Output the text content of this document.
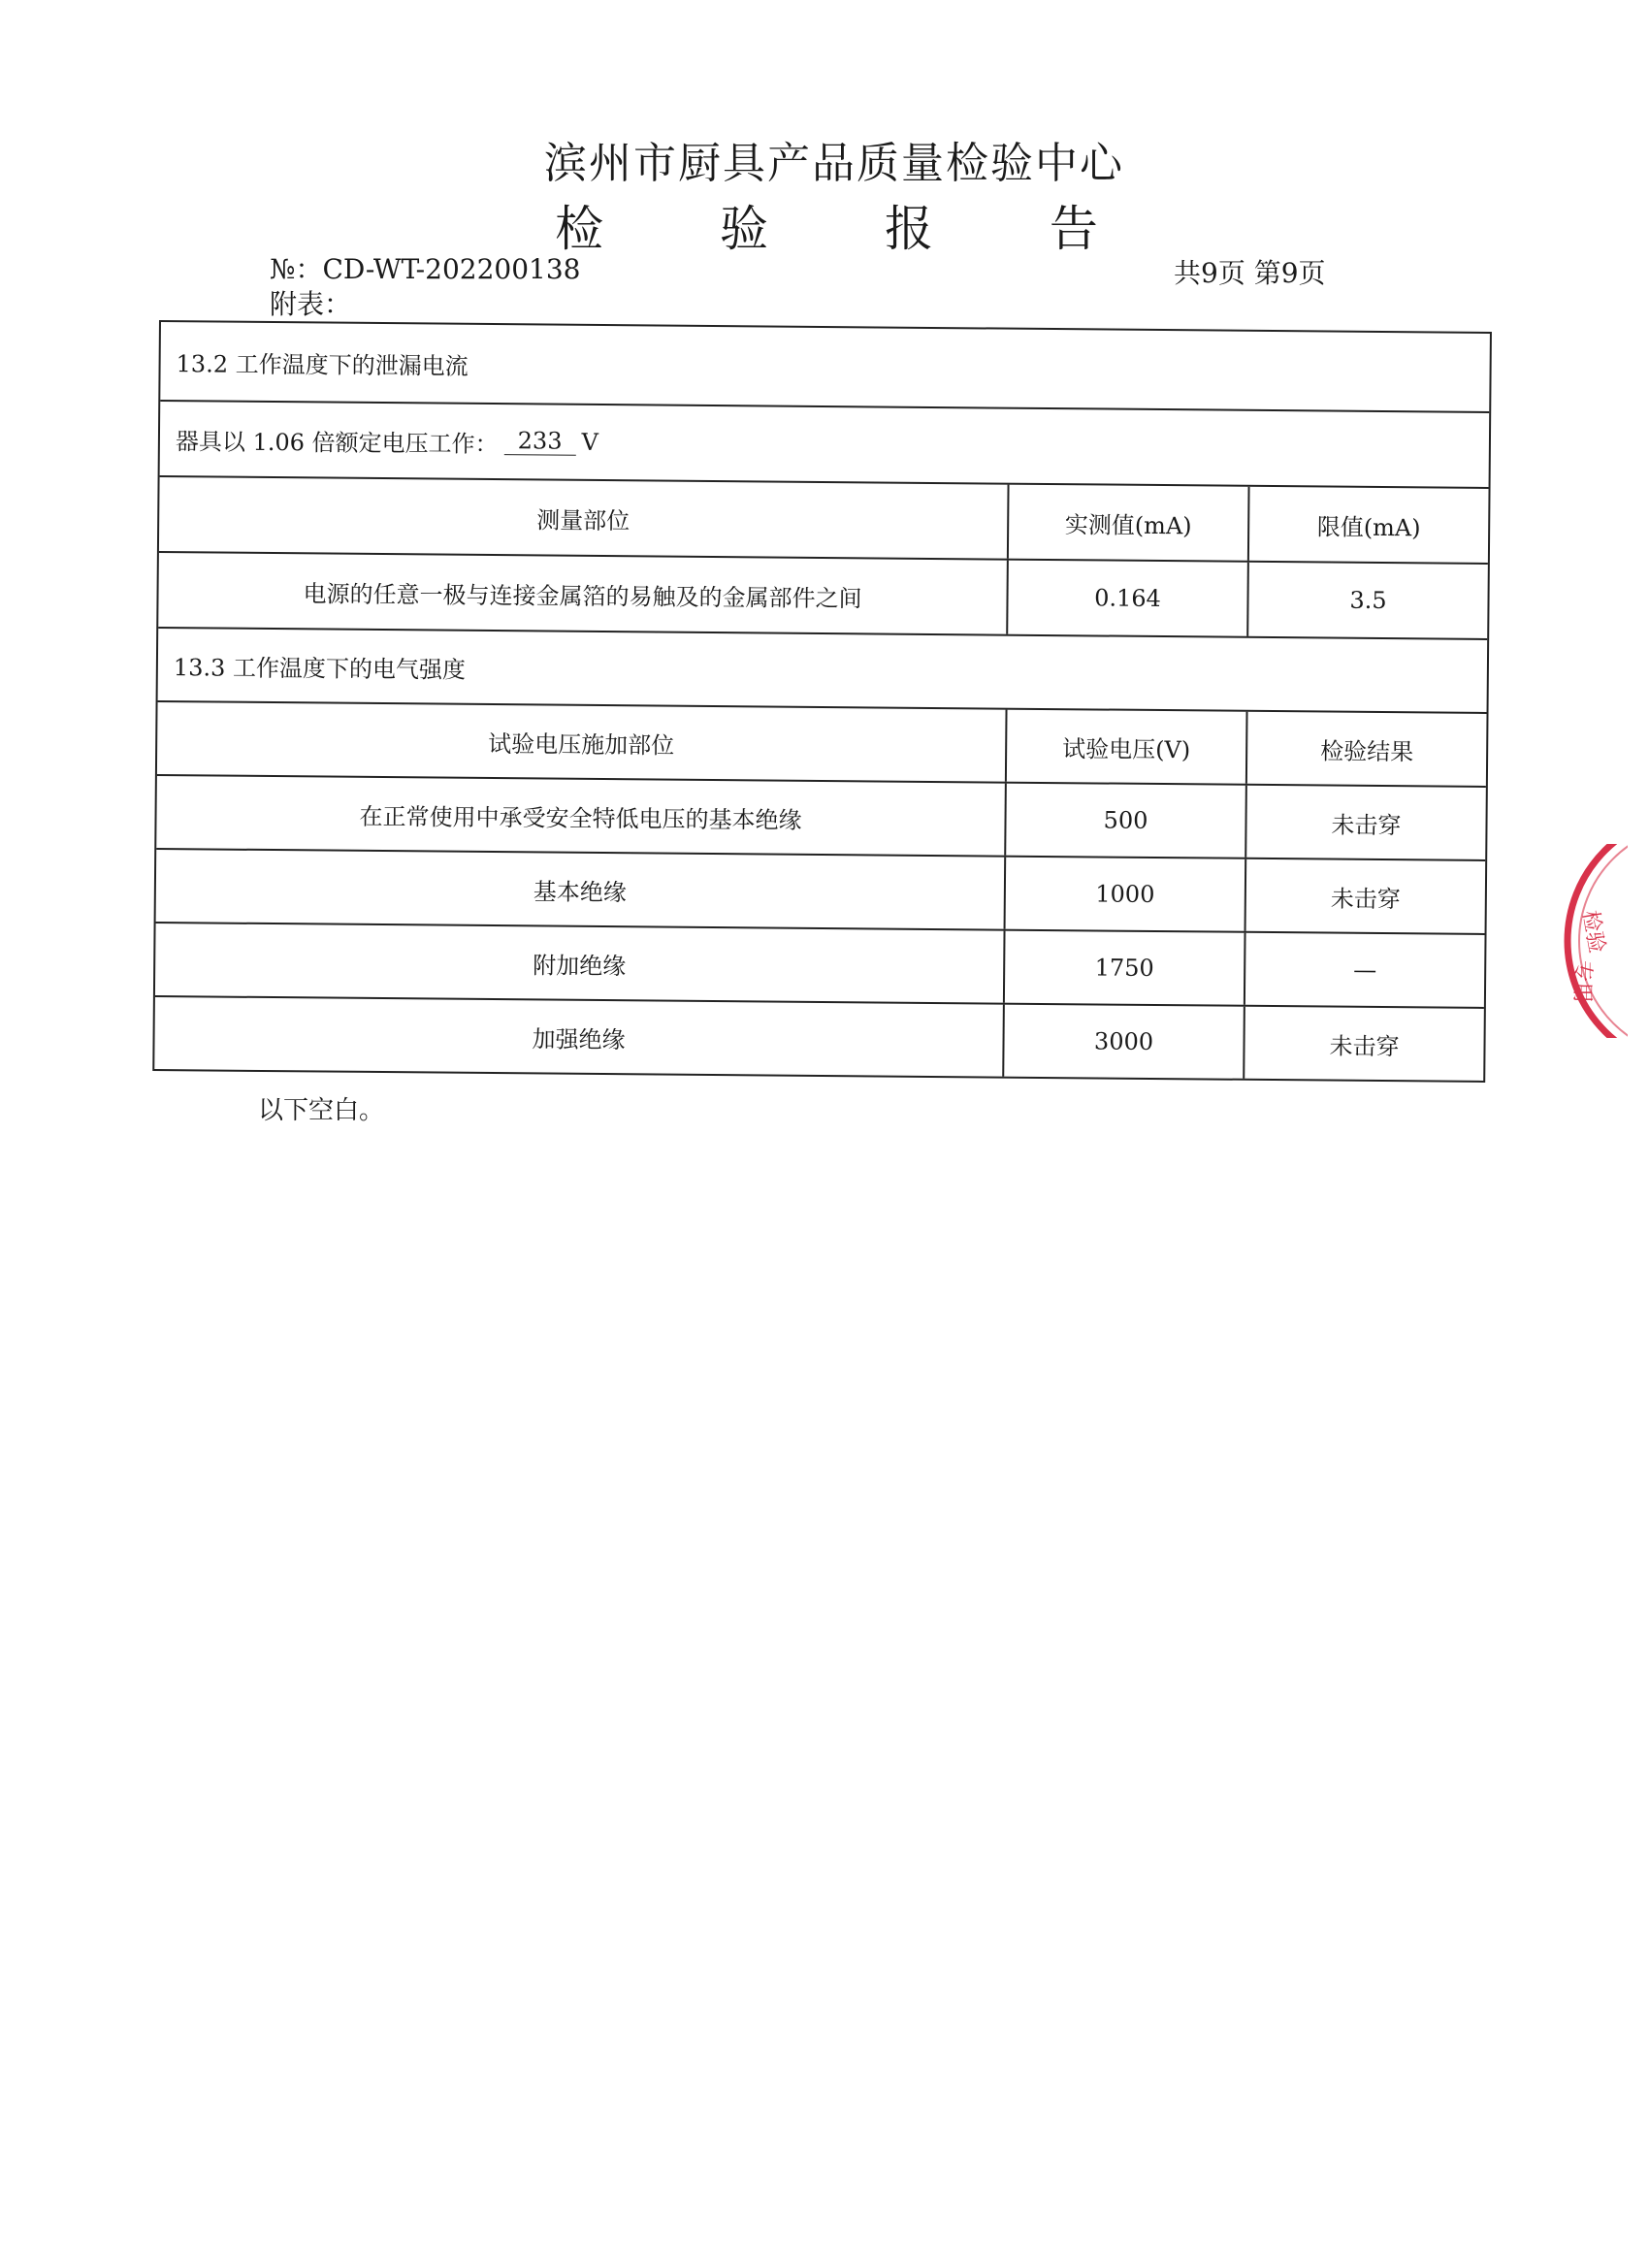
滨州市厨具产品质量检验中心
检 验 报 告
№：CD-WT-202200138	共9页 第9页
附表：
13.2 工作温度下的泄漏电流
器具以 1.06 倍额定电压工作： 233 V
测量部位	实测值(mA)	限值(mA)
电源的任意一极与连接金属箔的易触及的金属部件之间	0.164	3.5
13.3 工作温度下的电气强度
试验电压施加部位	试验电压(V)	检验结果
在正常使用中承受安全特低电压的基本绝缘	500	未击穿
基本绝缘	1000	未击穿
附加绝缘	1750	—
加强绝缘	3000	未击穿
以下空白。
检验
专用
